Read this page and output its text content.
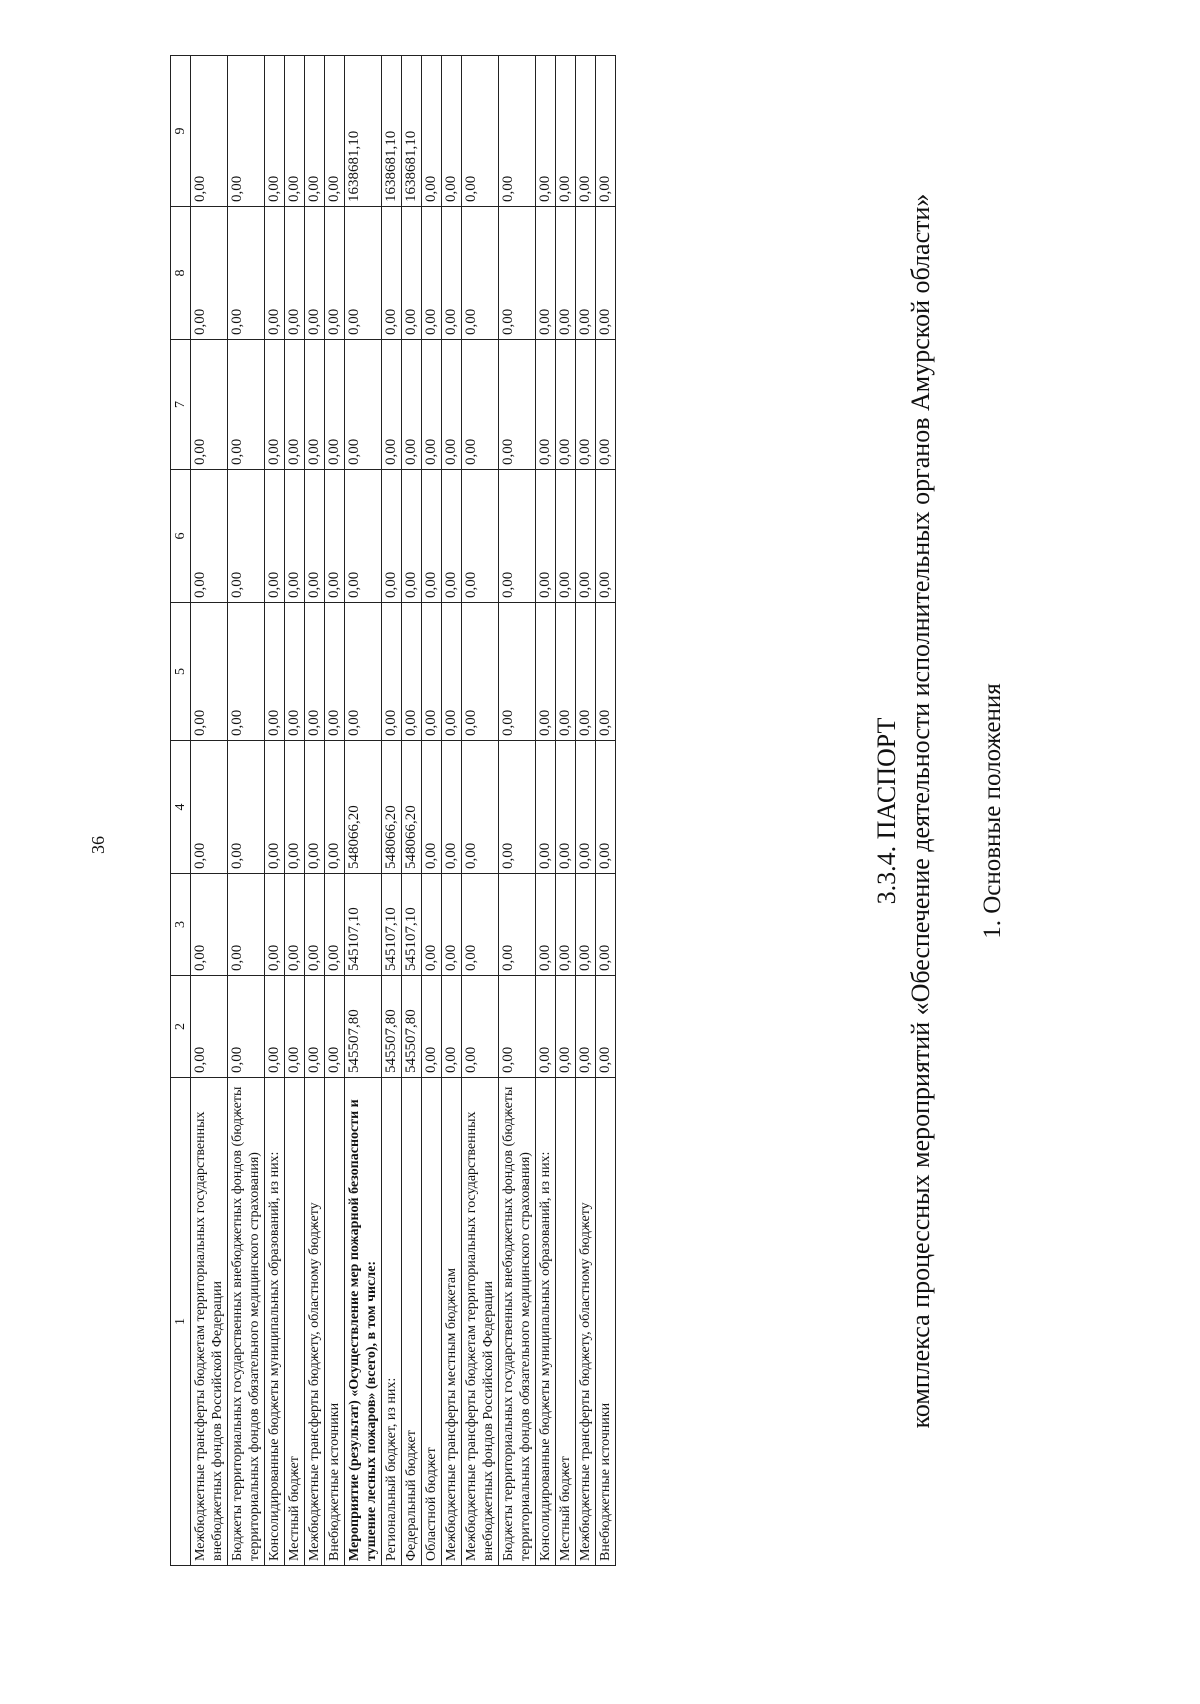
36
1	2	3	4	5	6	7	8	9
Межбюджетные трансферты бюджетам территориальных государственных внебюджетных фондов Российской Федерации	0,00	0,00	0,00	0,00	0,00	0,00	0,00	0,00
Бюджеты территориальных государственных внебюджетных фондов (бюджеты территориальных фондов обязательного медицинского страхования)	0,00	0,00	0,00	0,00	0,00	0,00	0,00	0,00
Консолидированные бюджеты муниципальных образований, из них:	0,00	0,00	0,00	0,00	0,00	0,00	0,00	0,00
Местный бюджет	0,00	0,00	0,00	0,00	0,00	0,00	0,00	0,00
Межбюджетные трансферты бюджету, областному бюджету	0,00	0,00	0,00	0,00	0,00	0,00	0,00	0,00
Внебюджетные источники	0,00	0,00	0,00	0,00	0,00	0,00	0,00	0,00
Мероприятие (результат) «Осуществление мер пожарной безопасности и тушение лесных пожаров» (всего), в том числе:	545507,80	545107,10	548066,20	0,00	0,00	0,00	0,00	1638681,10
Региональный бюджет, из них:	545507,80	545107,10	548066,20	0,00	0,00	0,00	0,00	1638681,10
Федеральный бюджет	545507,80	545107,10	548066,20	0,00	0,00	0,00	0,00	1638681,10
Областной бюджет	0,00	0,00	0,00	0,00	0,00	0,00	0,00	0,00
Межбюджетные трансферты местным бюджетам	0,00	0,00	0,00	0,00	0,00	0,00	0,00	0,00
Межбюджетные трансферты бюджетам территориальных государственных внебюджетных фондов Российской Федерации	0,00	0,00	0,00	0,00	0,00	0,00	0,00	0,00
Бюджеты территориальных государственных внебюджетных фондов (бюджеты территориальных фондов обязательного медицинского страхования)	0,00	0,00	0,00	0,00	0,00	0,00	0,00	0,00
Консолидированные бюджеты муниципальных образований, из них:	0,00	0,00	0,00	0,00	0,00	0,00	0,00	0,00
Местный бюджет	0,00	0,00	0,00	0,00	0,00	0,00	0,00	0,00
Межбюджетные трансферты бюджету, областному бюджету	0,00	0,00	0,00	0,00	0,00	0,00	0,00	0,00
Внебюджетные источники	0,00	0,00	0,00	0,00	0,00	0,00	0,00	0,00
3.3.4. ПАСПОРТ комплекса процессных мероприятий «Обеспечение деятельности исполнительных органов Амурской области» 1. Основные положения
